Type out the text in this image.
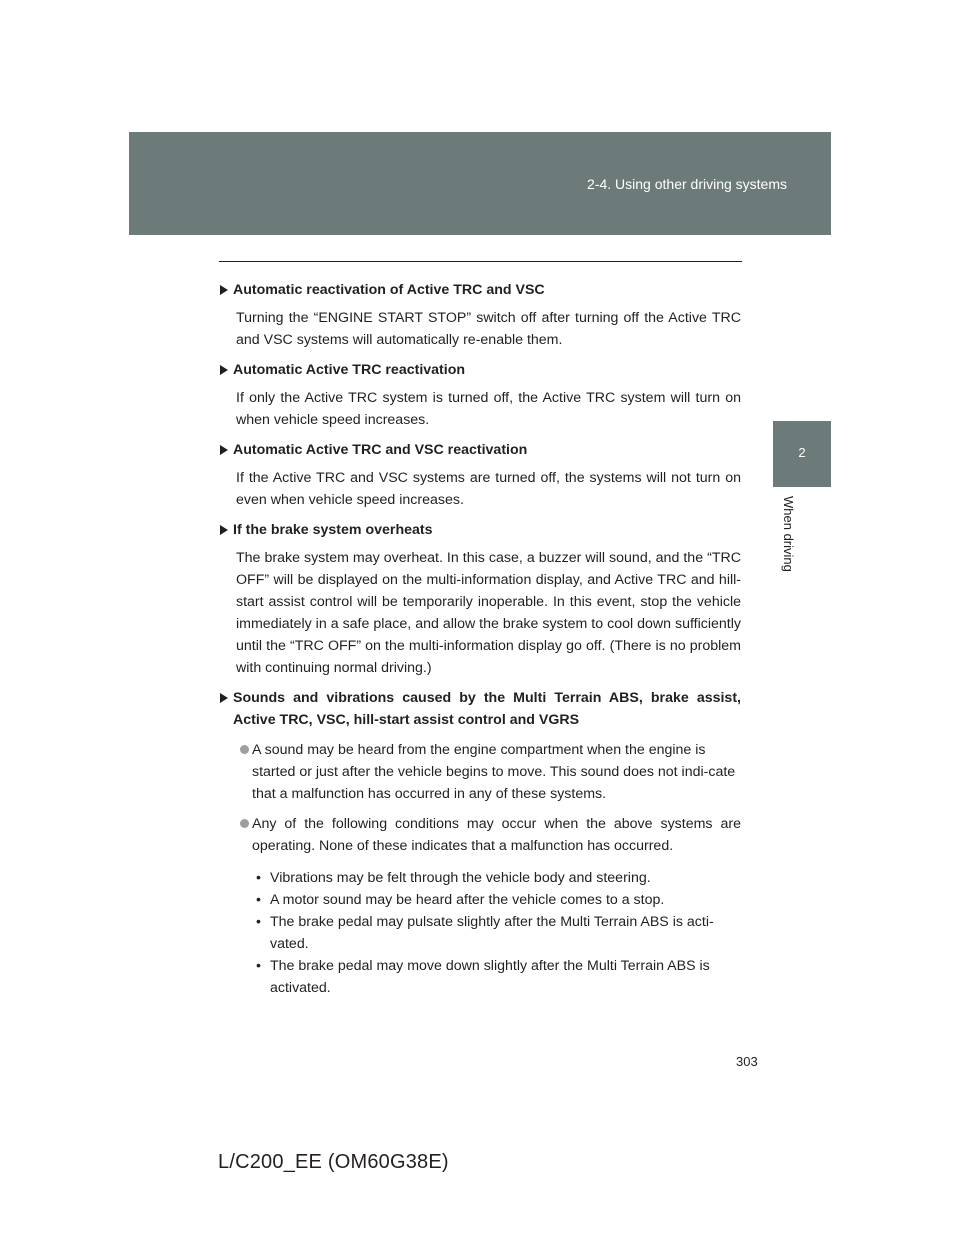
2-4. Using other driving systems
2
When driving
Automatic reactivation of Active TRC and VSC

Turning the “ENGINE START STOP” switch off after turning off the Active TRC and VSC systems will automatically re-enable them.

Automatic Active TRC reactivation

If only the Active TRC system is turned off, the Active TRC system will turn on when vehicle speed increases.

Automatic Active TRC and VSC reactivation

If the Active TRC and VSC systems are turned off, the systems will not turn on even when vehicle speed increases.

If the brake system overheats

The brake system may overheat. In this case, a buzzer will sound, and the “TRC OFF” will be displayed on the multi-information display, and Active TRC and hill-start assist control will be temporarily inoperable. In this event, stop the vehicle immediately in a safe place, and allow the brake system to cool down sufficiently until the “TRC OFF” on the multi-information display go off. (There is no problem with continuing normal driving.)

Sounds and vibrations caused by the Multi Terrain ABS, brake assist, Active TRC, VSC, hill-start assist control and VGRS
A sound may be heard from the engine compartment when the engine is started or just after the vehicle begins to move. This sound does not indi-cate that a malfunction has occurred in any of these systems.
Any of the following conditions may occur when the above systems are operating. None of these indicates that a malfunction has occurred.
• Vibrations may be felt through the vehicle body and steering.
• A motor sound may be heard after the vehicle comes to a stop.
• The brake pedal may pulsate slightly after the Multi Terrain ABS is acti-vated.
• The brake pedal may move down slightly after the Multi Terrain ABS is activated.
303
L/C200_EE (OM60G38E)
